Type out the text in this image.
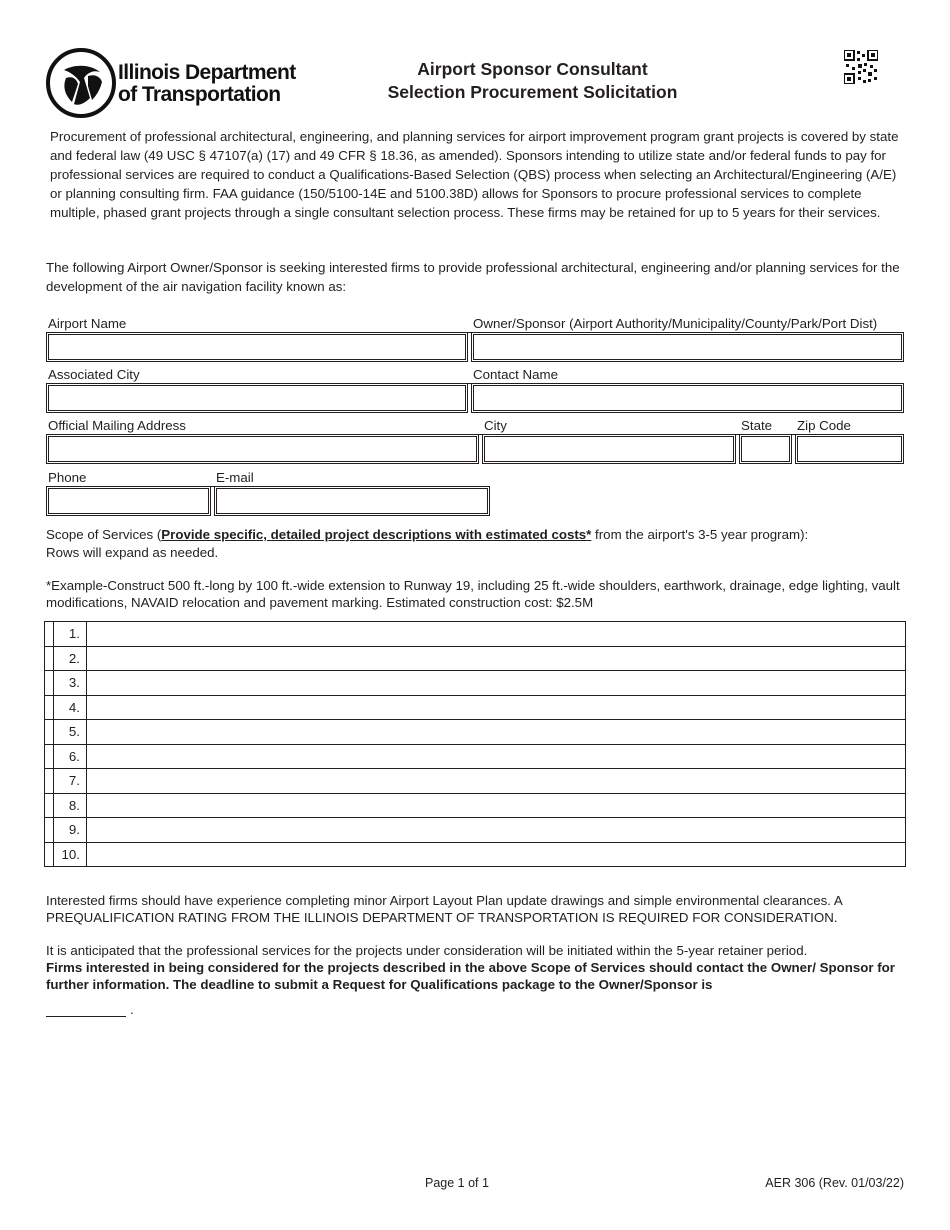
Illinois Department
of Transportation
Airport Sponsor Consultant
Selection Procurement Solicitation
Procurement of professional architectural, engineering, and planning services for airport improvement program grant projects is covered by state and federal law (49 USC § 47107(a) (17) and 49 CFR § 18.36, as amended). Sponsors intending to utilize state and/or federal funds to pay for professional services are required to conduct a Qualifications-Based Selection (QBS) process when selecting an Architectural/Engineering (A/E) or planning consulting firm. FAA guidance (150/5100-14E and 5100.38D) allows for Sponsors to procure professional services to complete multiple, phased grant projects through a single consultant selection process. These firms may be retained for up to 5 years for their services.
The following Airport Owner/Sponsor is seeking interested firms to provide professional architectural, engineering and/or planning services for the development of the air navigation facility known as:
Airport Name	Owner/Sponsor (Airport Authority/Municipality/County/Park/Port Dist)
Associated City	Contact Name
Official Mailing Address	City	State Zip Code
Phone	E-mail
Scope of Services (Provide specific, detailed project descriptions with estimated costs* from the airport's 3-5 year program):
Rows will expand as needed.
*Example-Construct 500 ft.-long by 100 ft.-wide extension to Runway 19, including 25 ft.-wide shoulders, earthwork, drainage, edge lighting, vault modifications, NAVAID relocation and pavement marking. Estimated construction cost: $2.5M
	1.	
	2.	
	3.	
	4.	
	5.	
	6.	
	7.	
	8.	
	9.	
	10.	
Interested firms should have experience completing minor Airport Layout Plan update drawings and simple environmental clearances. A PREQUALIFICATION RATING FROM THE ILLINOIS DEPARTMENT OF TRANSPORTATION IS REQUIRED FOR CONSIDERATION.
It is anticipated that the professional services for the projects under consideration will be initiated within the 5-year retainer period.
Firms interested in being considered for the projects described in the above Scope of Services should contact the Owner/ Sponsor for further information. The deadline to submit a Request for Qualifications package to the Owner/Sponsor is
.
Page 1 of 1	AER 306 (Rev. 01/03/22)
